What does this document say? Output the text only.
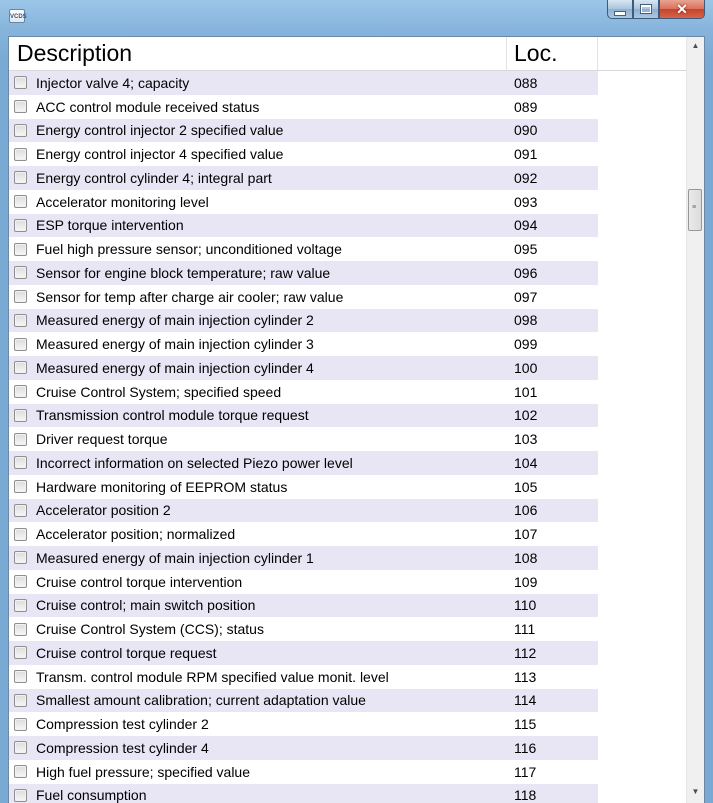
VCDS
✕
Description	Loc.
Injector valve 4; capacity	088
ACC control module received status	089
Energy control injector 2 specified value	090
Energy control injector 4 specified value	091
Energy control cylinder 4; integral part	092
Accelerator monitoring level	093
ESP torque intervention	094
Fuel high pressure sensor; unconditioned voltage	095
Sensor for engine block temperature; raw value	096
Sensor for temp after charge air cooler; raw value	097
Measured energy of main injection cylinder 2	098
Measured energy of main injection cylinder 3	099
Measured energy of main injection cylinder 4	100
Cruise Control System; specified speed	101
Transmission control module torque request	102
Driver request torque	103
Incorrect information on selected Piezo power level	104
Hardware monitoring of EEPROM status	105
Accelerator position 2	106
Accelerator position; normalized	107
Measured energy of main injection cylinder 1	108
Cruise control torque intervention	109
Cruise control; main switch position	110
Cruise Control System (CCS); status	111
Cruise control torque request	112
Transm. control module RPM specified value monit. level	113
Smallest amount calibration; current adaptation value	114
Compression test cylinder 2	115
Compression test cylinder 4	116
High fuel pressure; specified value	117
Fuel consumption	118
▲
≡
▼
